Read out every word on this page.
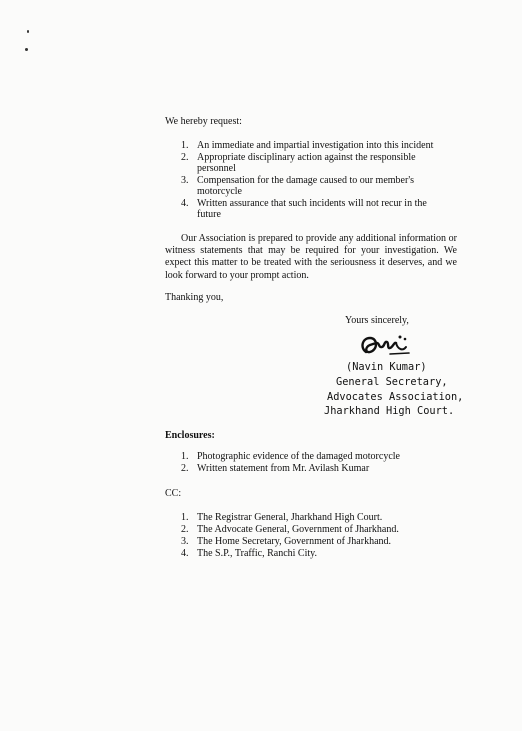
We hereby request:

1. An immediate and impartial investigation into this incident
2. Appropriate disciplinary action against the responsible
personnel
3. Compensation for the damage caused to our member's
motorcycle
4. Written assurance that such incidents will not recur in the
future

Our Association is prepared to provide any additional information or witness statements that may be required for your investigation. We expect this matter to be treated with the seriousness it deserves, and we look forward to your prompt action.

Thanking you,

Yours sincerely,

(Navin Kumar)
General Secretary,
Advocates Association,
Jharkhand High Court.

Enclosures:

1. Photographic evidence of the damaged motorcycle
2. Written statement from Mr. Avilash Kumar

CC:

1. The Registrar General, Jharkhand High Court.
2. The Advocate General, Government of Jharkhand.
3. The Home Secretary, Government of Jharkhand.
4. The S.P., Traffic, Ranchi City.
